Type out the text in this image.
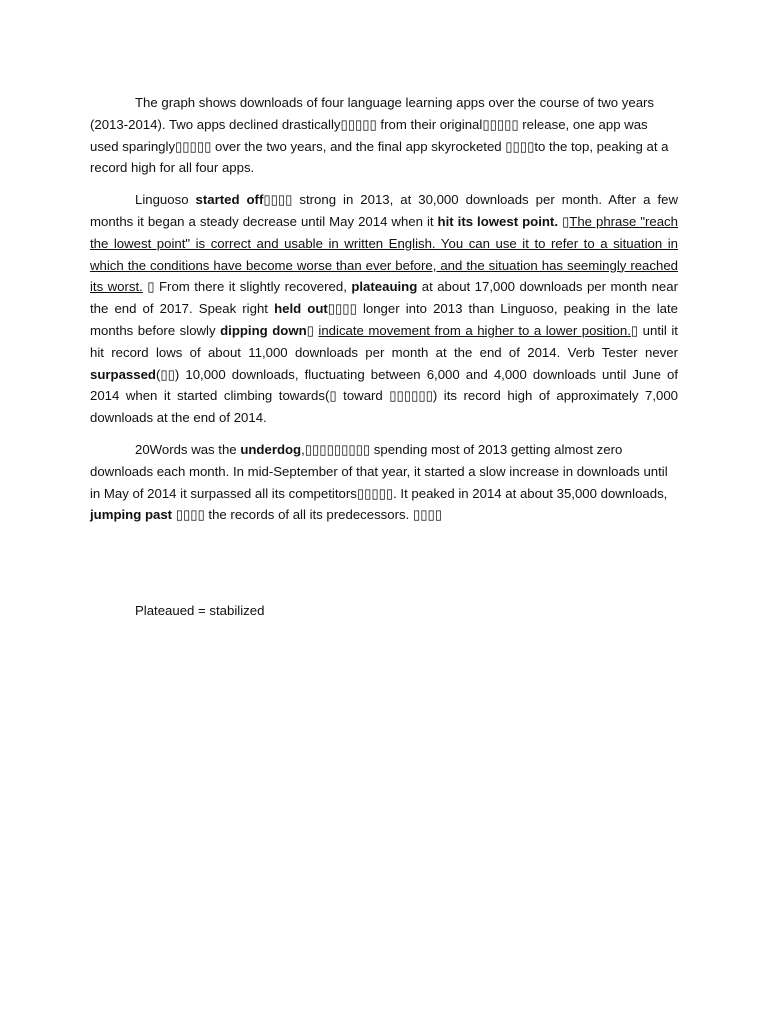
The graph shows downloads of four language learning apps over the course of two years (2013-2014). Two apps declined drastically▯▯▯▯▯ from their original▯▯▯▯▯ release, one app was used sparingly▯▯▯▯▯ over the two years, and the final app skyrocketed ▯▯▯▯to the top, peaking at a record high for all four apps.

Linguoso started off▯▯▯▯ strong in 2013, at 30,000 downloads per month. After a few months it began a steady decrease until May 2014 when it hit its lowest point. ▯The phrase "reach the lowest point" is correct and usable in written English. You can use it to refer to a situation in which the conditions have become worse than ever before, and the situation has seemingly reached its worst. ▯ From there it slightly recovered, plateauing at about 17,000 downloads per month near the end of 2017. Speak right held out▯▯▯▯ longer into 2013 than Linguoso, peaking in the late months before slowly dipping down▯ indicate movement from a higher to a lower position.▯ until it hit record lows of about 11,000 downloads per month at the end of 2014. Verb Tester never surpassed(▯▯) 10,000 downloads, fluctuating between 6,000 and 4,000 downloads until June of 2014 when it started climbing towards(▯ toward ▯▯▯▯▯▯) its record high of approximately 7,000 downloads at the end of 2014.

20Words was the underdog,▯▯▯▯▯▯▯▯▯ spending most of 2013 getting almost zero downloads each month. In mid-September of that year, it started a slow increase in downloads until in May of 2014 it surpassed all its competitors▯▯▯▯▯. It peaked in 2014 at about 35,000 downloads, jumping past ▯▯▯▯ the records of all its predecessors. ▯▯▯▯

Plateaued = stabilized
